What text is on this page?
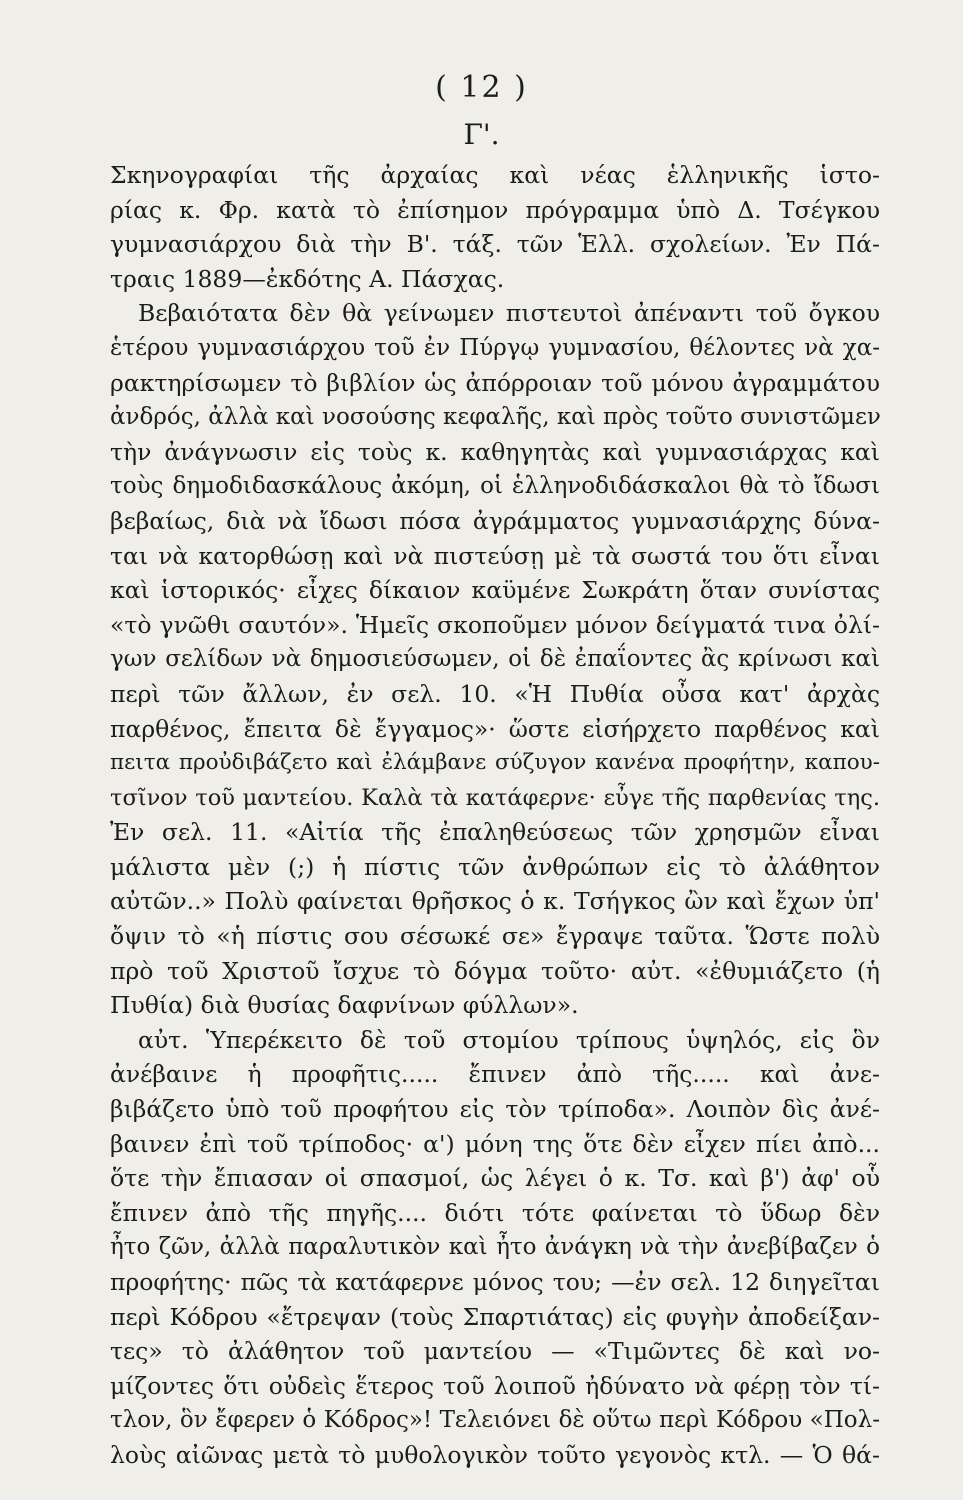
( 12 )
Γ'.
Σκηνογραφίαι τῆς ἀρχαίας καὶ νέας ἑλληνικῆς ἱστο-
ρίας κ. Φρ. κατὰ τὸ ἐπίσημον πρόγραμμα ὑπὸ Δ. Τσέγκου
γυμνασιάρχου διὰ τὴν Β'. τάξ. τῶν Ἑλλ. σχολείων. Ἐν Πά-
τραις 1889—ἐκδότης Α. Πάσχας.
Βεβαιότατα δὲν θὰ γείνωμεν πιστευτοὶ ἀπέναντι τοῦ ὄγκου
ἑτέρου γυμνασιάρχου τοῦ ἐν Πύργῳ γυμνασίου, θέλοντες νὰ χα-
ρακτηρίσωμεν τὸ βιβλίον ὡς ἀπόρροιαν τοῦ μόνου ἀγραμμάτου
ἀνδρός, ἀλλὰ καὶ νοσούσης κεφαλῆς, καὶ πρὸς τοῦτο συνιστῶμεν
τὴν ἀνάγνωσιν εἰς τοὺς κ. καθηγητὰς καὶ γυμνασιάρχας καὶ
τοὺς δημοδιδασκάλους ἀκόμη, οἱ ἑλληνοδιδάσκαλοι θὰ τὸ ἴδωσι
βεβαίως, διὰ νὰ ἴδωσι πόσα ἀγράμματος γυμνασιάρχης δύνα-
ται νὰ κατορθώσῃ καὶ νὰ πιστεύσῃ μὲ τὰ σωστά του ὅτι εἶναι
καὶ ἱστορικός· εἶχες δίκαιον καϋμένε Σωκράτη ὅταν συνίστας
«τὸ γνῶθι σαυτόν». Ἡμεῖς σκοποῦμεν μόνον δείγματά τινα ὀλί-
γων σελίδων νὰ δημοσιεύσωμεν, οἱ δὲ ἐπαΐοντες ἂς κρίνωσι καὶ
περὶ τῶν ἄλλων, ἐν σελ. 10. «Ἡ Πυθία οὖσα κατ' ἀρχὰς
παρθένος, ἔπειτα δὲ ἔγγαμος»· ὥστε εἰσήρχετο παρθένος καὶ
πειτα προὐδιβάζετο καὶ ἐλάμβανε σύζυγον κανένα προφήτην, καπου-
τσῖνον τοῦ μαντείου. Καλὰ τὰ κατάφερνε· εὖγε τῆς παρθενίας της.
Ἐν σελ. 11. «Αἰτία τῆς ἐπαληθεύσεως τῶν χρησμῶν εἶναι
μάλιστα μὲν (;) ἡ πίστις τῶν ἀνθρώπων εἰς τὸ ἀλάθητον
αὐτῶν..» Πολὺ φαίνεται θρῆσκος ὁ κ. Τσήγκος ὢν καὶ ἔχων ὑπ'
ὄψιν τὸ «ἡ πίστις σου σέσωκέ σε» ἔγραψε ταῦτα. Ὥστε πολὺ
πρὸ τοῦ Χριστοῦ ἴσχυε τὸ δόγμα τοῦτο· αὐτ. «ἐθυμιάζετο (ἡ
Πυθία) διὰ θυσίας δαφνίνων φύλλων».
αὐτ. Ὑπερέκειτο δὲ τοῦ στομίου τρίπους ὑψηλός, εἰς ὃν
ἀνέβαινε ἡ προφῆτις..... ἔπινεν ἀπὸ τῆς..... καὶ ἀνε-
βιβάζετο ὑπὸ τοῦ προφήτου εἰς τὸν τρίποδα». Λοιπὸν δὶς ἀνέ-
βαινεν ἐπὶ τοῦ τρίποδος· α') μόνη της ὅτε δὲν εἶχεν πίει ἀπὸ...
ὅτε τὴν ἔπιασαν οἱ σπασμοί, ὡς λέγει ὁ κ. Τσ. καὶ β') ἀφ' οὗ
ἔπινεν ἀπὸ τῆς πηγῆς.... διότι τότε φαίνεται τὸ ὕδωρ δὲν
ἦτο ζῶν, ἀλλὰ παραλυτικὸν καὶ ἦτο ἀνάγκη νὰ τὴν ἀνεβίβαζεν ὁ
προφήτης· πῶς τὰ κατάφερνε μόνος του; —ἐν σελ. 12 διηγεῖται
περὶ Κόδρου «ἔτρεψαν (τοὺς Σπαρτιάτας) εἰς φυγὴν ἀποδείξαν-
τες» τὸ ἀλάθητον τοῦ μαντείου — «Τιμῶντες δὲ καὶ νο-
μίζοντες ὅτι οὐδεὶς ἕτερος τοῦ λοιποῦ ἠδύνατο νὰ φέρῃ τὸν τί-
τλον, ὃν ἔφερεν ὁ Κόδρος»! Τελειόνει δὲ οὕτω περὶ Κόδρου «Πολ-
λοὺς αἰῶνας μετὰ τὸ μυθολογικὸν τοῦτο γεγονὸς κτλ. — Ὁ θά-
